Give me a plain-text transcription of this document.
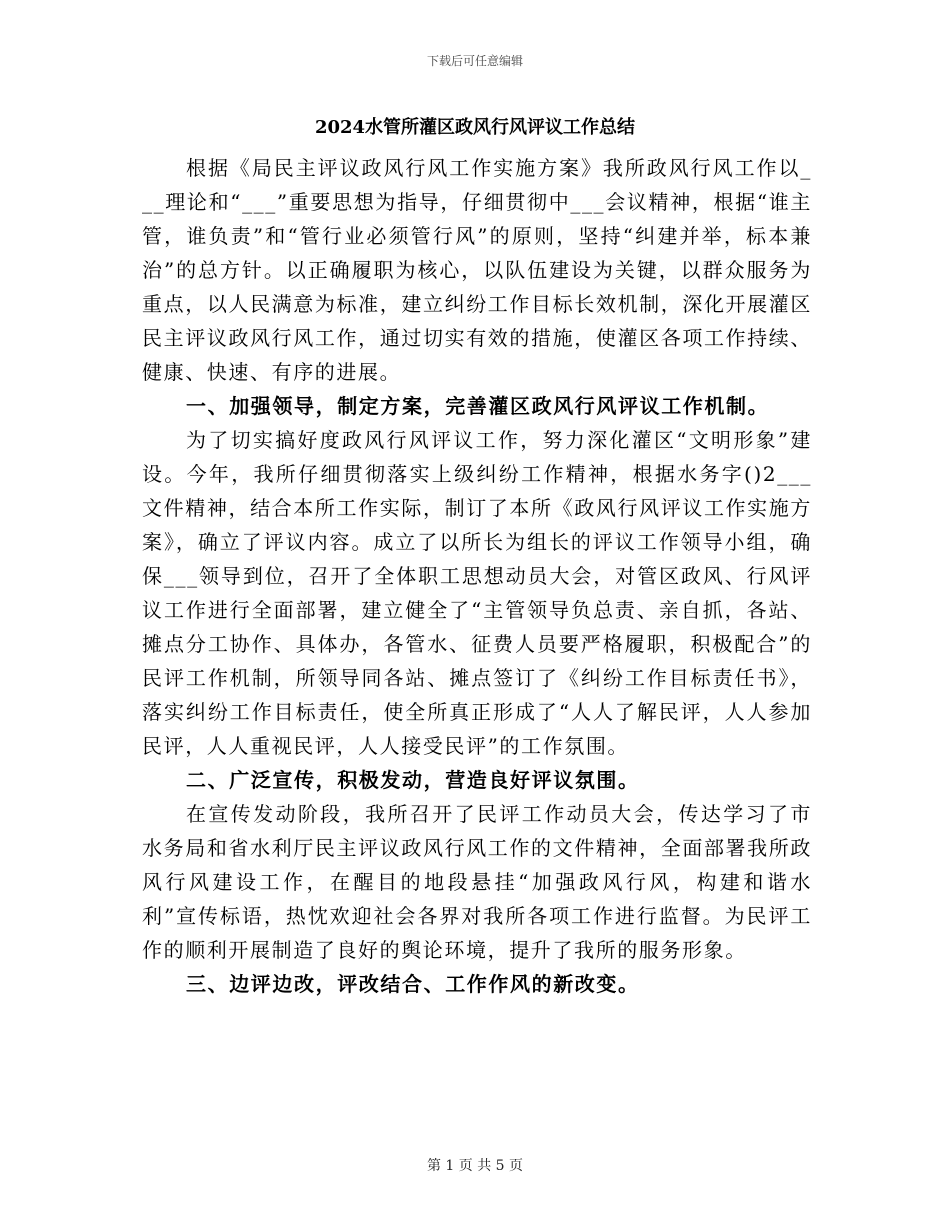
下载后可任意编辑
2024水管所灌区政风行风评议工作总结

根据《局民主评议政风行风工作实施方案》我所政风行风工作以___理论和“___”重要思想为指导，仔细贯彻中___会议精神，根据“谁主管，谁负责”和“管行业必须管行风”的原则，坚持“纠建并举，标本兼治”的总方针。以正确履职为核心，以队伍建设为关键，以群众服务为重点，以人民满意为标准，建立纠纷工作目标长效机制，深化开展灌区民主评议政风行风工作，通过切实有效的措施，使灌区各项工作持续、健康、快速、有序的进展。

一、加强领导，制定方案，完善灌区政风行风评议工作机制。

为了切实搞好度政风行风评议工作，努力深化灌区“文明形象”建设。今年，我所仔细贯彻落实上级纠纷工作精神，根据水务字()2___文件精神，结合本所工作实际，制订了本所《政风行风评议工作实施方案》，确立了评议内容。成立了以所长为组长的评议工作领导小组，确保___领导到位，召开了全体职工思想动员大会，对管区政风、行风评议工作进行全面部署，建立健全了“主管领导负总责、亲自抓，各站、摊点分工协作、具体办，各管水、征费人员要严格履职，积极配合”的民评工作机制，所领导同各站、摊点签订了《纠纷工作目标责任书》，落实纠纷工作目标责任，使全所真正形成了“人人了解民评，人人参加民评，人人重视民评，人人接受民评”的工作氛围。

二、广泛宣传，积极发动，营造良好评议氛围。

在宣传发动阶段，我所召开了民评工作动员大会，传达学习了市水务局和省水利厅民主评议政风行风工作的文件精神，全面部署我所政风行风建设工作，在醒目的地段悬挂“加强政风行风，构建和谐水利”宣传标语，热忱欢迎社会各界对我所各项工作进行监督。为民评工作的顺利开展制造了良好的舆论环境，提升了我所的服务形象。

三、边评边改，评改结合、工作作风的新改变。

第 1 页 共 5 页
